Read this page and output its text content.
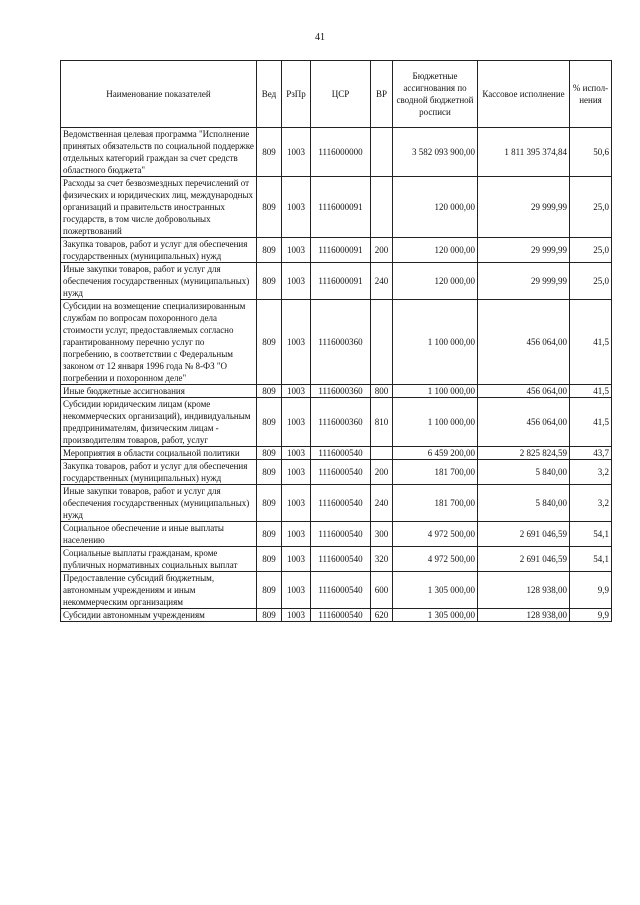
41
Наименование показателей	Вед	РзПр	ЦСР	ВР	Бюджетные ассигнования по сводной бюджетной росписи	Кассовое исполнение	% испол-нения
Ведомственная целевая программа "Исполнение принятых обязательств по социальной поддержке отдельных категорий граждан за счет средств областного бюджета"	809	1003	1116000000		3 582 093 900,00	1 811 395 374,84	50,6
Расходы за счет безвозмездных перечислений от физических и юридических лиц, международных организаций и правительств иностранных государств, в том числе добровольных пожертвований	809	1003	1116000091		120 000,00	29 999,99	25,0
Закупка товаров, работ и услуг для обеспечения государственных (муниципальных) нужд	809	1003	1116000091	200	120 000,00	29 999,99	25,0
Иные закупки товаров, работ и услуг для обеспечения государственных (муниципальных) нужд	809	1003	1116000091	240	120 000,00	29 999,99	25,0
Субсидии на возмещение специализированным службам по вопросам похоронного дела стоимости услуг, предоставляемых согласно гарантированному перечню услуг по погребению, в соответствии с Федеральным законом от 12 января 1996 года № 8-ФЗ "О погребении и похоронном деле"	809	1003	1116000360		1 100 000,00	456 064,00	41,5
Иные бюджетные ассигнования	809	1003	1116000360	800	1 100 000,00	456 064,00	41,5
Субсидии юридическим лицам (кроме некоммерческих организаций), индивидуальным предпринимателям, физическим лицам - производителям товаров, работ, услуг	809	1003	1116000360	810	1 100 000,00	456 064,00	41,5
Мероприятия в области социальной политики	809	1003	1116000540		6 459 200,00	2 825 824,59	43,7
Закупка товаров, работ и услуг для обеспечения государственных (муниципальных) нужд	809	1003	1116000540	200	181 700,00	5 840,00	3,2
Иные закупки товаров, работ и услуг для обеспечения государственных (муниципальных) нужд	809	1003	1116000540	240	181 700,00	5 840,00	3,2
Социальное обеспечение и иные выплаты населению	809	1003	1116000540	300	4 972 500,00	2 691 046,59	54,1
Социальные выплаты гражданам, кроме публичных нормативных социальных выплат	809	1003	1116000540	320	4 972 500,00	2 691 046,59	54,1
Предоставление субсидий бюджетным, автономным учреждениям и иным некоммерческим организациям	809	1003	1116000540	600	1 305 000,00	128 938,00	9,9
Субсидии автономным учреждениям	809	1003	1116000540	620	1 305 000,00	128 938,00	9,9
